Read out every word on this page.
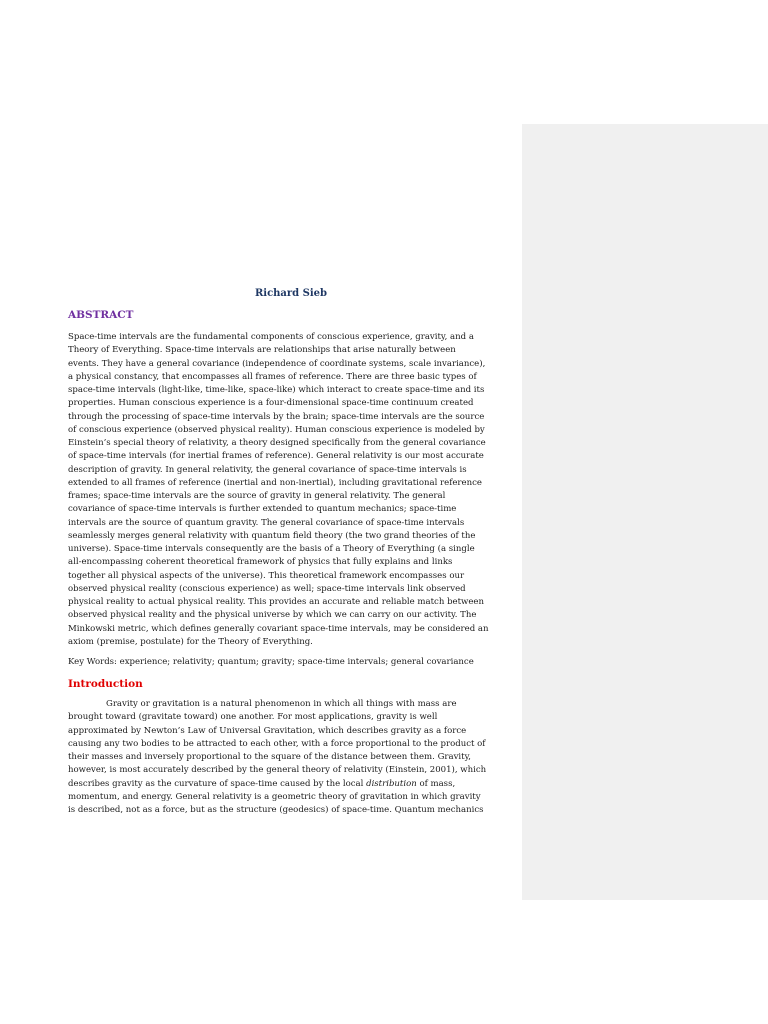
Richard Sieb
ABSTRACT
Space-time intervals are the fundamental components of conscious experience, gravity, and a
Theory of Everything. Space-time intervals are relationships that arise naturally between
events. They have a general covariance (independence of coordinate systems, scale invariance),
a physical constancy, that encompasses all frames of reference. There are three basic types of
space-time intervals (light-like, time-like, space-like) which interact to create space-time and its
properties. Human conscious experience is a four-dimensional space-time continuum created
through the processing of space-time intervals by the brain; space-time intervals are the source
of conscious experience (observed physical reality). Human conscious experience is modeled by
Einstein’s special theory of relativity, a theory designed specifically from the general covariance
of space-time intervals (for inertial frames of reference). General relativity is our most accurate
description of gravity. In general relativity, the general covariance of space-time intervals is
extended to all frames of reference (inertial and non-inertial), including gravitational reference
frames; space-time intervals are the source of gravity in general relativity. The general
covariance of space-time intervals is further extended to quantum mechanics; space-time
intervals are the source of quantum gravity. The general covariance of space-time intervals
seamlessly merges general relativity with quantum field theory (the two grand theories of the
universe). Space-time intervals consequently are the basis of a Theory of Everything (a single
all-encompassing coherent theoretical framework of physics that fully explains and links
together all physical aspects of the universe). This theoretical framework encompasses our
observed physical reality (conscious experience) as well; space-time intervals link observed
physical reality to actual physical reality. This provides an accurate and reliable match between
observed physical reality and the physical universe by which we can carry on our activity. The
Minkowski metric, which defines generally covariant space-time intervals, may be considered an
axiom (premise, postulate) for the Theory of Everything.
Key Words: experience; relativity; quantum; gravity; space-time intervals; general covariance
Introduction
Gravity or gravitation is a natural phenomenon in which all things with mass are
brought toward (gravitate toward) one another. For most applications, gravity is well
approximated by Newton’s Law of Universal Gravitation, which describes gravity as a force
causing any two bodies to be attracted to each other, with a force proportional to the product of
their masses and inversely proportional to the square of the distance between them. Gravity,
however, is most accurately described by the general theory of relativity (Einstein, 2001), which
describes gravity as the curvature of space-time caused by the local distribution of mass,
momentum, and energy. General relativity is a geometric theory of gravitation in which gravity
is described, not as a force, but as the structure (geodesics) of space-time. Quantum mechanics
